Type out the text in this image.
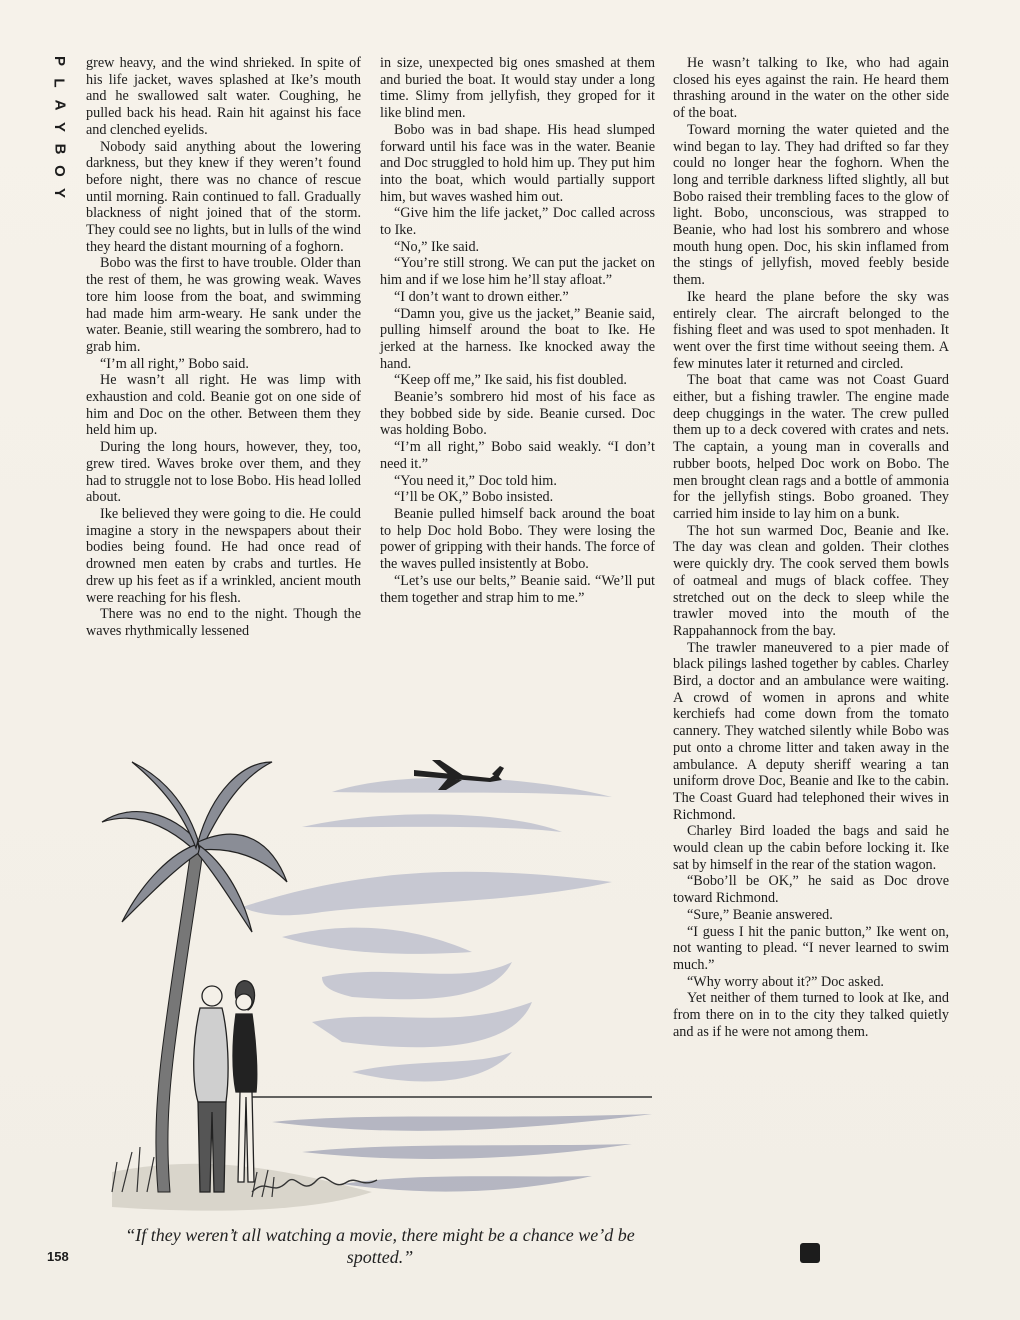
P
L
A
Y
B
O
Y

grew heavy, and the wind shrieked. In spite of his life jacket, waves splashed at Ike’s mouth and he swallowed salt water. Coughing, he pulled back his head. Rain hit against his face and clenched eyelids.

Nobody said anything about the lowering darkness, but they knew if they weren’t found before night, there was no chance of rescue until morning. Rain continued to fall. Gradually blackness of night joined that of the storm. They could see no lights, but in lulls of the wind they heard the distant mourning of a foghorn.

Bobo was the first to have trouble. Older than the rest of them, he was growing weak. Waves tore him loose from the boat, and swimming had made him arm-weary. He sank under the water. Beanie, still wearing the sombrero, had to grab him.

“I’m all right,” Bobo said.

He wasn’t all right. He was limp with exhaustion and cold. Beanie got on one side of him and Doc on the other. Between them they held him up.

During the long hours, however, they, too, grew tired. Waves broke over them, and they had to struggle not to lose Bobo. His head lolled about.

Ike believed they were going to die. He could imagine a story in the newspapers about their bodies being found. He had once read of drowned men eaten by crabs and turtles. He drew up his feet as if a wrinkled, ancient mouth were reaching for his flesh.

There was no end to the night. Though the waves rhythmically lessened

in size, unexpected big ones smashed at them and buried the boat. It would stay under a long time. Slimy from jellyfish, they groped for it like blind men.

Bobo was in bad shape. His head slumped forward until his face was in the water. Beanie and Doc struggled to hold him up. They put him into the boat, which would partially support him, but waves washed him out.

“Give him the life jacket,” Doc called across to Ike.

“No,” Ike said.

“You’re still strong. We can put the jacket on him and if we lose him he’ll stay afloat.”

“I don’t want to drown either.”

“Damn you, give us the jacket,” Beanie said, pulling himself around the boat to Ike. He jerked at the harness. Ike knocked away the hand.

“Keep off me,” Ike said, his fist doubled.

Beanie’s sombrero hid most of his face as they bobbed side by side. Beanie cursed. Doc was holding Bobo.

“I’m all right,” Bobo said weakly. “I don’t need it.”

“You need it,” Doc told him.

“I’ll be OK,” Bobo insisted.

Beanie pulled himself back around the boat to help Doc hold Bobo. They were losing the power of gripping with their hands. The force of the waves pulled insistently at Bobo.

“Let’s use our belts,” Beanie said. “We’ll put them together and strap him to me.”

He wasn’t talking to Ike, who had again closed his eyes against the rain. He heard them thrashing around in the water on the other side of the boat.

Toward morning the water quieted and the wind began to lay. They had drifted so far they could no longer hear the foghorn. When the long and terrible darkness lifted slightly, all but Bobo raised their trembling faces to the glow of light. Bobo, unconscious, was strapped to Beanie, who had lost his sombrero and whose mouth hung open. Doc, his skin inflamed from the stings of jellyfish, moved feebly beside them.

Ike heard the plane before the sky was entirely clear. The aircraft belonged to the fishing fleet and was used to spot menhaden. It went over the first time without seeing them. A few minutes later it returned and circled.

The boat that came was not Coast Guard either, but a fishing trawler. The engine made deep chuggings in the water. The crew pulled them up to a deck covered with crates and nets. The captain, a young man in coveralls and rubber boots, helped Doc work on Bobo. The men brought clean rags and a bottle of ammonia for the jellyfish stings. Bobo groaned. They carried him inside to lay him on a bunk.

The hot sun warmed Doc, Beanie and Ike. The day was clean and golden. Their clothes were quickly dry. The cook served them bowls of oatmeal and mugs of black coffee. They stretched out on the deck to sleep while the trawler moved into the mouth of the Rappahannock from the bay.

The trawler maneuvered to a pier made of black pilings lashed together by cables. Charley Bird, a doctor and an ambulance were waiting. A crowd of women in aprons and white kerchiefs had come down from the tomato cannery. They watched silently while Bobo was put onto a chrome litter and taken away in the ambulance. A deputy sheriff wearing a tan uniform drove Doc, Beanie and Ike to the cabin. The Coast Guard had telephoned their wives in Richmond.

Charley Bird loaded the bags and said he would clean up the cabin before locking it. Ike sat by himself in the rear of the station wagon.

“Bobo’ll be OK,” he said as Doc drove toward Richmond.

“Sure,” Beanie answered.

“I guess I hit the panic button,” Ike went on, not wanting to plead. “I never learned to swim much.”

“Why worry about it?” Doc asked.

Yet neither of them turned to look at Ike, and from there on in to the city they talked quietly and as if he were not among them.

“If they weren’t all watching a movie, there might be a chance we’d be spotted.”
158
